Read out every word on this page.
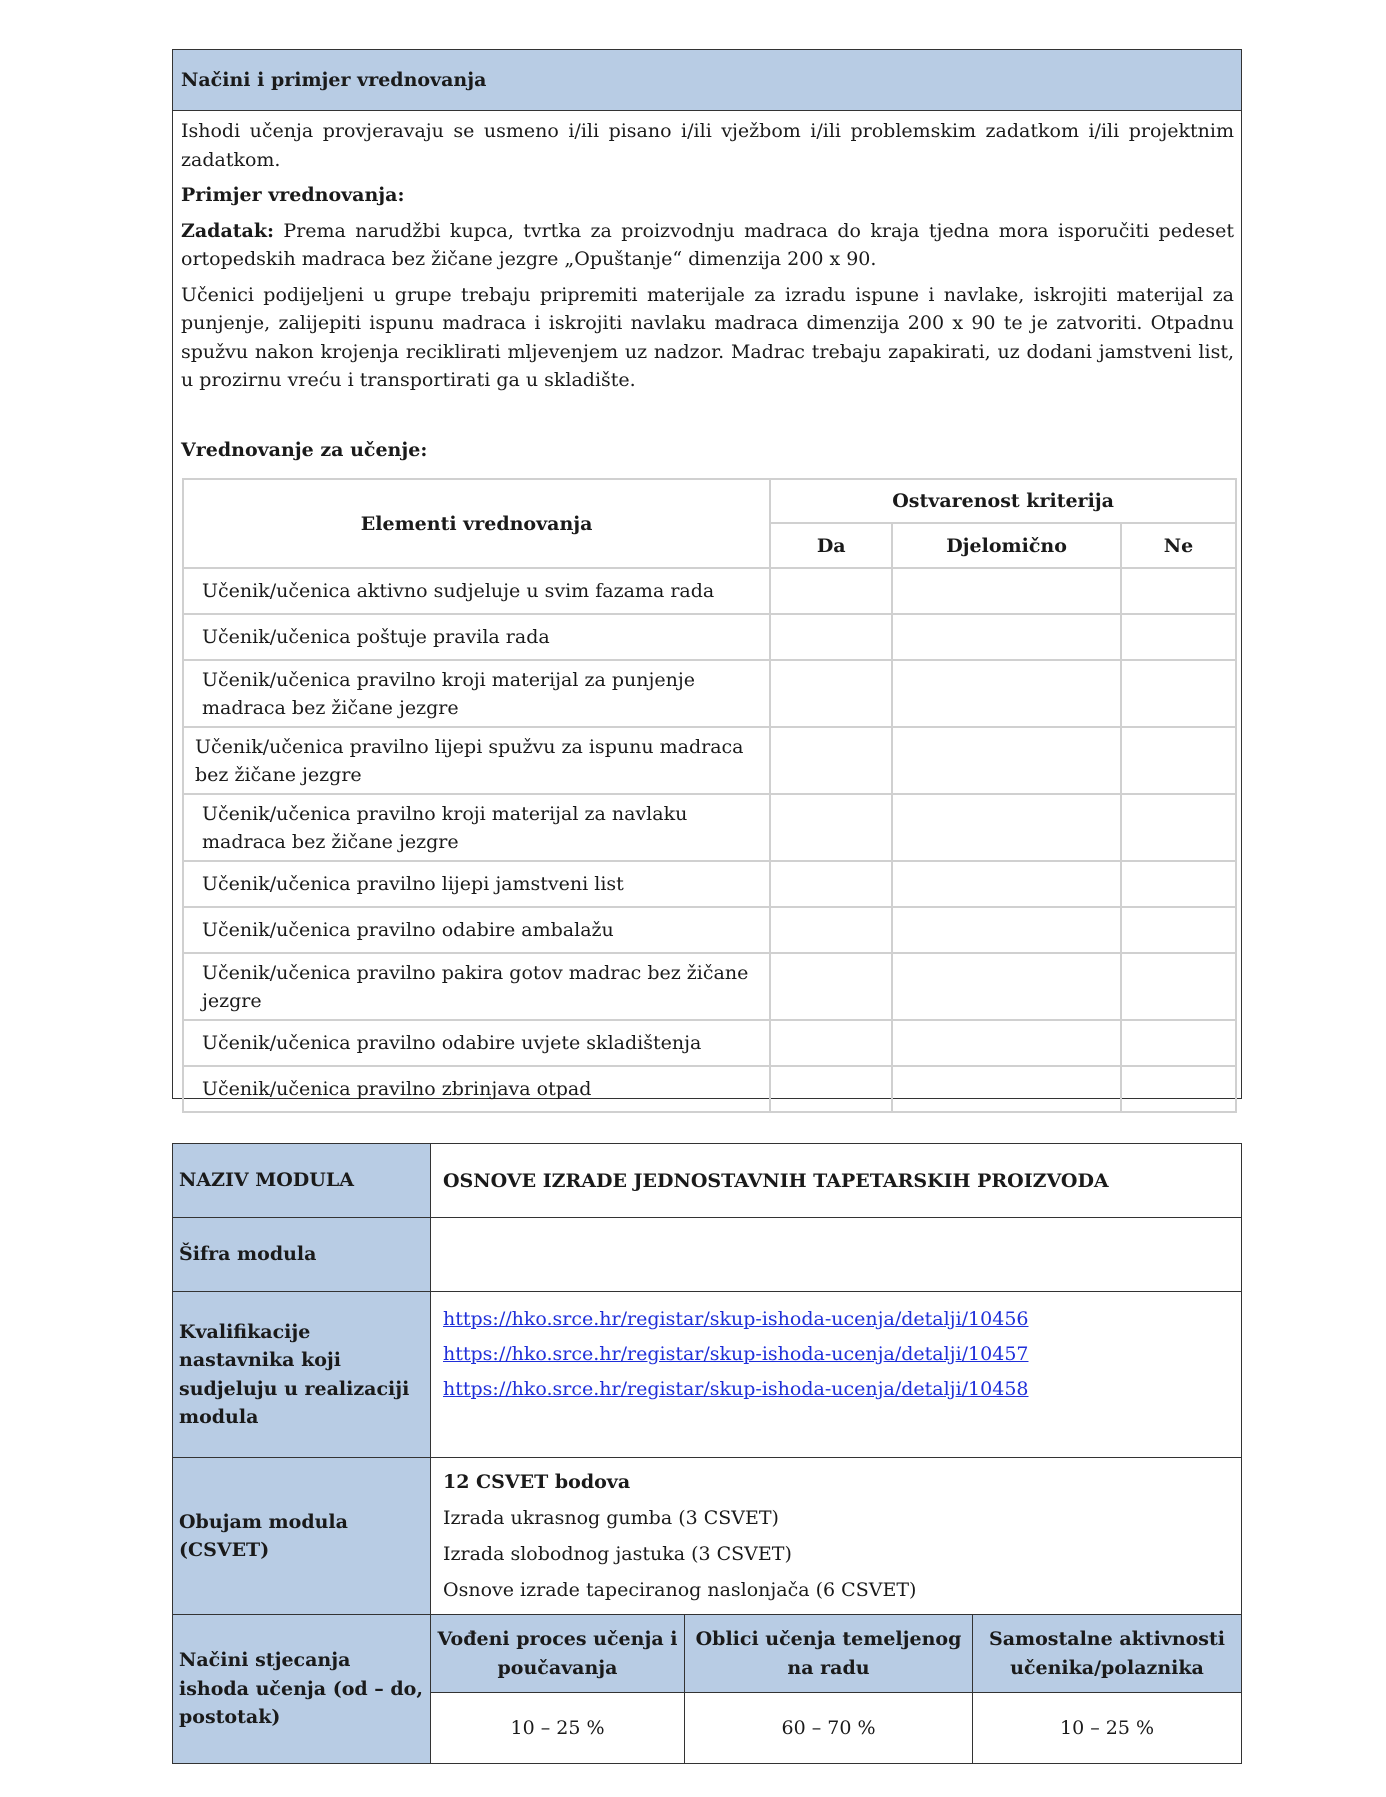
Načini i primjer vrednovanja

Ishodi učenja provjeravaju se usmeno i/ili pisano i/ili vježbom i/ili problemskim zadatkom i/ili projektnim zadatkom.

Primjer vrednovanja:

Zadatak: Prema narudžbi kupca, tvrtka za proizvodnju madraca do kraja tjedna mora isporučiti pedeset ortopedskih madraca bez žičane jezgre „Opuštanje“ dimenzija 200 x 90.

Učenici podijeljeni u grupe trebaju pripremiti materijale za izradu ispune i navlake, iskrojiti materijal za punjenje, zalijepiti ispunu madraca i iskrojiti navlaku madraca dimenzija 200 x 90 te je zatvoriti. Otpadnu spužvu nakon krojenja reciklirati mljevenjem uz nadzor. Madrac trebaju zapakirati, uz dodani jamstveni list, u prozirnu vreću i transportirati ga u skladište.

Vrednovanje za učenje:

Elementi vrednovanja	Ostvarenost kriterija		
	Da	Djelomično	Ne
Učenik/učenica aktivno sudjeluje u svim fazama rada			
Učenik/učenica poštuje pravila rada			
Učenik/učenica pravilno kroji materijal za punjenje madraca bez žičane jezgre			
Učenik/učenica pravilno lijepi spužvu za ispunu madraca bez žičane jezgre			
Učenik/učenica pravilno kroji materijal za navlaku madraca bez žičane jezgre			
Učenik/učenica pravilno lijepi jamstveni list			
Učenik/učenica pravilno odabire ambalažu			
Učenik/učenica pravilno pakira gotov madrac bez žičane jezgre			
Učenik/učenica pravilno odabire uvjete skladištenja			
Učenik/učenica pravilno zbrinjava otpad			
NAZIV MODULA	OSNOVE IZRADE JEDNOSTAVNIH TAPETARSKIH PROIZVODA		
Šifra modula			
Kvalifikacije nastavnika koji sudjeluju u realizaciji modula	https://hko.srce.hr/registar/skup-ishoda-ucenja/detalji/10456
https://hko.srce.hr/registar/skup-ishoda-ucenja/detalji/10457
https://hko.srce.hr/registar/skup-ishoda-ucenja/detalji/10458		

Obujam modula (CSVET)	12 CSVET bodova
Izrada ukrasnog gumba (3 CSVET)
Izrada slobodnog jastuka (3 CSVET)
Osnove izrade tapeciranog naslonjača (6 CSVET)		

Načini stjecanja ishoda učenja (od – do, postotak)	Vođeni proces učenja i poučavanja	Oblici učenja temeljenog na radu	Samostalne aktivnosti učenika/polaznika
	10 – 25 %	60 – 70 %	10 – 25 %
